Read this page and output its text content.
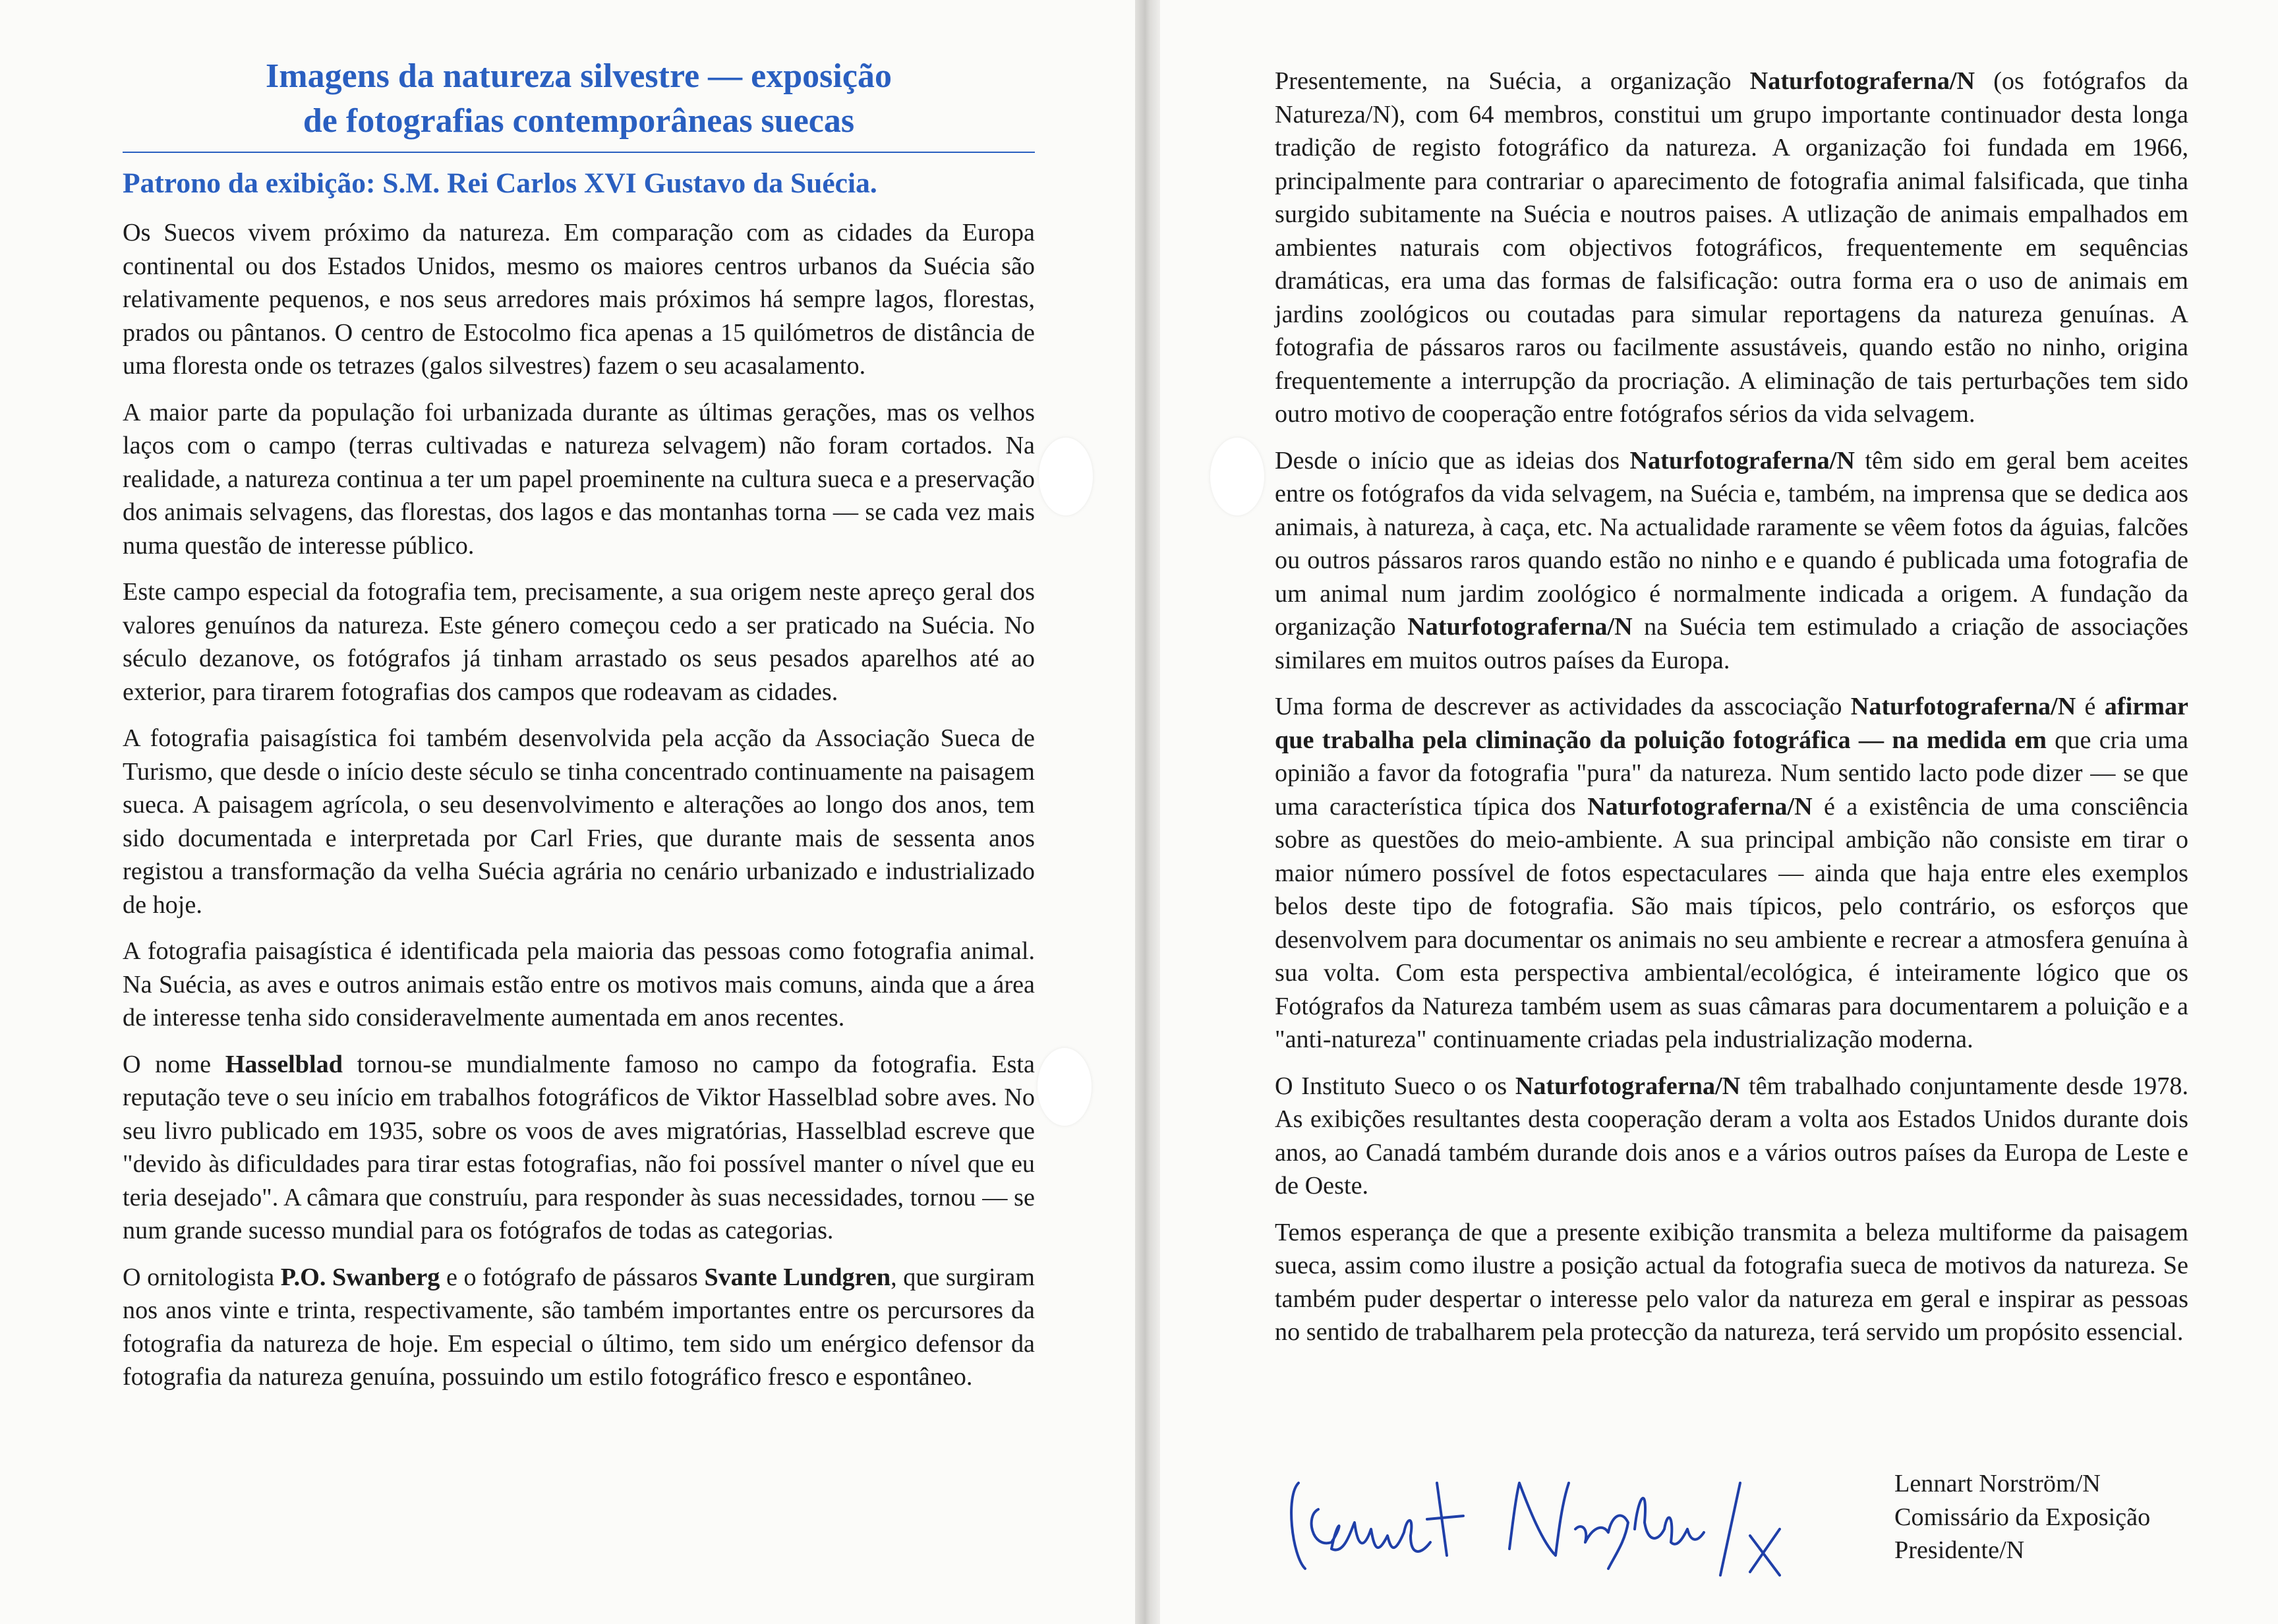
Imagens da natureza silvestre — exposição
de fotografias contemporâneas suecas
Patrono da exibição: S.M. Rei Carlos XVI Gustavo da Suécia.

Os Suecos vivem próximo da natureza. Em comparação com as cidades da Europa continental ou dos Estados Unidos, mesmo os maiores centros urbanos da Suécia são relativamente pequenos, e nos seus arredores mais próximos há sempre lagos, florestas, prados ou pântanos. O centro de Estocolmo fica apenas a 15 quilómetros de distância de uma floresta onde os tetrazes (galos silvestres) fazem o seu acasalamento.

A maior parte da população foi urbanizada durante as últimas gerações, mas os velhos laços com o campo (terras cultivadas e natureza selvagem) não foram cortados. Na realidade, a natureza continua a ter um papel proeminente na cultura sueca e a preservação dos animais selvagens, das florestas, dos lagos e das montanhas torna — se cada vez mais numa questão de interesse público.

Este campo especial da fotografia tem, precisamente, a sua origem neste apreço geral dos valores genuínos da natureza. Este género começou cedo a ser praticado na Suécia. No século dezanove, os fotógrafos já tinham arrastado os seus pesados aparelhos até ao exterior, para tirarem fotografias dos campos que rodeavam as cidades.

A fotografia paisagística foi também desenvolvida pela acção da Associação Sueca de Turismo, que desde o início deste século se tinha concentrado continuamente na paisagem sueca. A paisagem agrícola, o seu desenvolvimento e alterações ao longo dos anos, tem sido documentada e interpretada por Carl Fries, que durante mais de sessenta anos registou a transformação da velha Suécia agrária no cenário urbanizado e industrializado de hoje.

A fotografia paisagística é identificada pela maioria das pessoas como fotografia animal. Na Suécia, as aves e outros animais estão entre os motivos mais comuns, ainda que a área de interesse tenha sido consideravelmente aumentada em anos recentes.

O nome Hasselblad tornou-se mundialmente famoso no campo da fotografia. Esta reputação teve o seu início em trabalhos fotográficos de Viktor Hasselblad sobre aves. No seu livro publicado em 1935, sobre os voos de aves migratórias, Hasselblad escreve que "devido às dificuldades para tirar estas fotografias, não foi possível manter o nível que eu teria desejado". A câmara que construíu, para responder às suas necessidades, tornou — se num grande sucesso mundial para os fotógrafos de todas as categorias.

O ornitologista P.O. Swanberg e o fotógrafo de pássaros Svante Lundgren, que surgiram nos anos vinte e trinta, respectivamente, são também importantes entre os percursores da fotografia da natureza de hoje. Em especial o último, tem sido um enérgico defensor da fotografia da natureza genuína, possuindo um estilo fotográfico fresco e espontâneo.

Presentemente, na Suécia, a organização Naturfotograferna/N (os fotógrafos da Natureza/N), com 64 membros, constitui um grupo importante continuador desta longa tradição de registo fotográfico da natureza. A organização foi fundada em 1966, principalmente para contrariar o aparecimento de fotografia animal falsificada, que tinha surgido subitamente na Suécia e noutros paises. A utlização de animais empalhados em ambientes naturais com objectivos fotográficos, frequentemente em sequências dramáticas, era uma das formas de falsificação: outra forma era o uso de animais em jardins zoológicos ou coutadas para simular reportagens da natureza genuínas. A fotografia de pássaros raros ou facilmente assustáveis, quando estão no ninho, origina frequentemente a interrupção da procriação. A eliminação de tais perturbações tem sido outro motivo de cooperação entre fotógrafos sérios da vida selvagem.

Desde o início que as ideias dos Naturfotograferna/N têm sido em geral bem aceites entre os fotógrafos da vida selvagem, na Suécia e, também, na imprensa que se dedica aos animais, à natureza, à caça, etc. Na actualidade raramente se vêem fotos da águias, falcões ou outros pássaros raros quando estão no ninho e e quando é publicada uma fotografia de um animal num jardim zoológico é normalmente indicada a origem. A fundação da organização Naturfotograferna/N na Suécia tem estimulado a criação de associações similares em muitos outros países da Europa.

Uma forma de descrever as actividades da asscociação Naturfotograferna/N é afirmar que trabalha pela climinação da poluição fotográfica — na medida em que cria uma opinião a favor da fotografia "pura" da natureza. Num sentido lacto pode dizer — se que uma característica típica dos Naturfotograferna/N é a existência de uma consciência sobre as questões do meio-ambiente. A sua principal ambição não consiste em tirar o maior número possível de fotos espectaculares — ainda que haja entre eles exemplos belos deste tipo de fotografia. São mais típicos, pelo contrário, os esforços que desenvolvem para documentar os animais no seu ambiente e recrear a atmosfera genuína à sua volta. Com esta perspectiva ambiental/ecológica, é inteiramente lógico que os Fotógrafos da Natureza também usem as suas câmaras para documentarem a poluição e a "anti-natureza" continuamente criadas pela industrialização moderna.

O Instituto Sueco o os Naturfotograferna/N têm trabalhado conjuntamente desde 1978. As exibições resultantes desta cooperação deram a volta aos Estados Unidos durante dois anos, ao Canadá também durande dois anos e a vários outros países da Europa de Leste e de Oeste.

Temos esperança de que a presente exibição transmita a beleza multiforme da paisagem sueca, assim como ilustre a posição actual da fotografia sueca de motivos da natureza. Se também puder despertar o interesse pelo valor da natureza em geral e inspirar as pessoas no sentido de trabalharem pela protecção da natureza, terá servido um propósito essencial.

Lennart Norström/N
Comissário da Exposição
Presidente/N
